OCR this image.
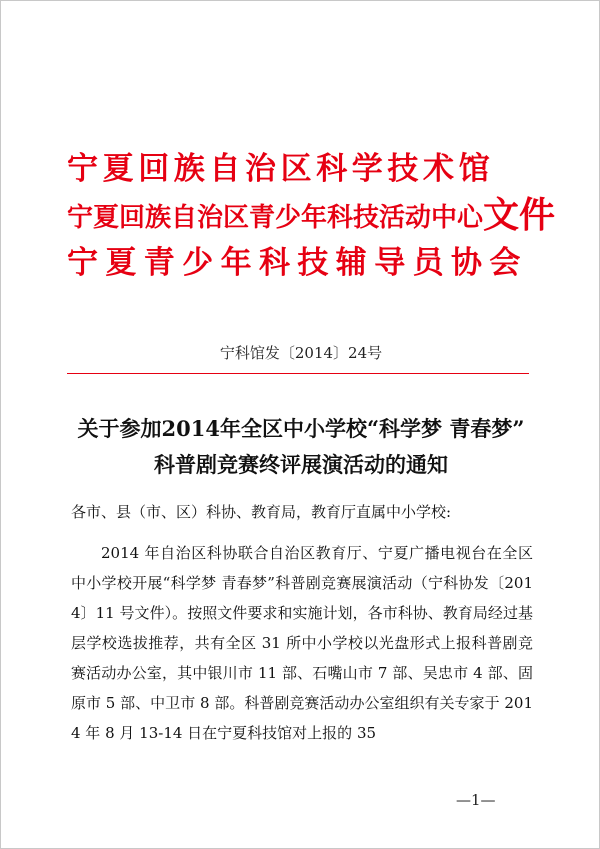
宁夏回族自治区科学技术馆
宁夏回族自治区青少年科技活动中心文件
宁夏青少年科技辅导员协会
宁科馆发〔2014〕24号
关于参加2014年全区中小学校“科学梦 青春梦”
科普剧竞赛终评展演活动的通知

各市、县（市、区）科协、教育局，教育厅直属中小学校:

2014 年自治区科协联合自治区教育厅、宁夏广播电视台在全区中小学校开展“科学梦 青春梦”科普剧竞赛展演活动（宁科协发〔2014〕11 号文件）。按照文件要求和实施计划，各市科协、教育局经过基层学校选拔推荐，共有全区 31 所中小学校以光盘形式上报科普剧竞赛活动办公室，其中银川市 11 部、石嘴山市 7 部、吴忠市 4 部、固原市 5 部、中卫市 8 部。科普剧竞赛活动办公室组织有关专家于 2014 年 8 月 13-14 日在宁夏科技馆对上报的 35

—1—
